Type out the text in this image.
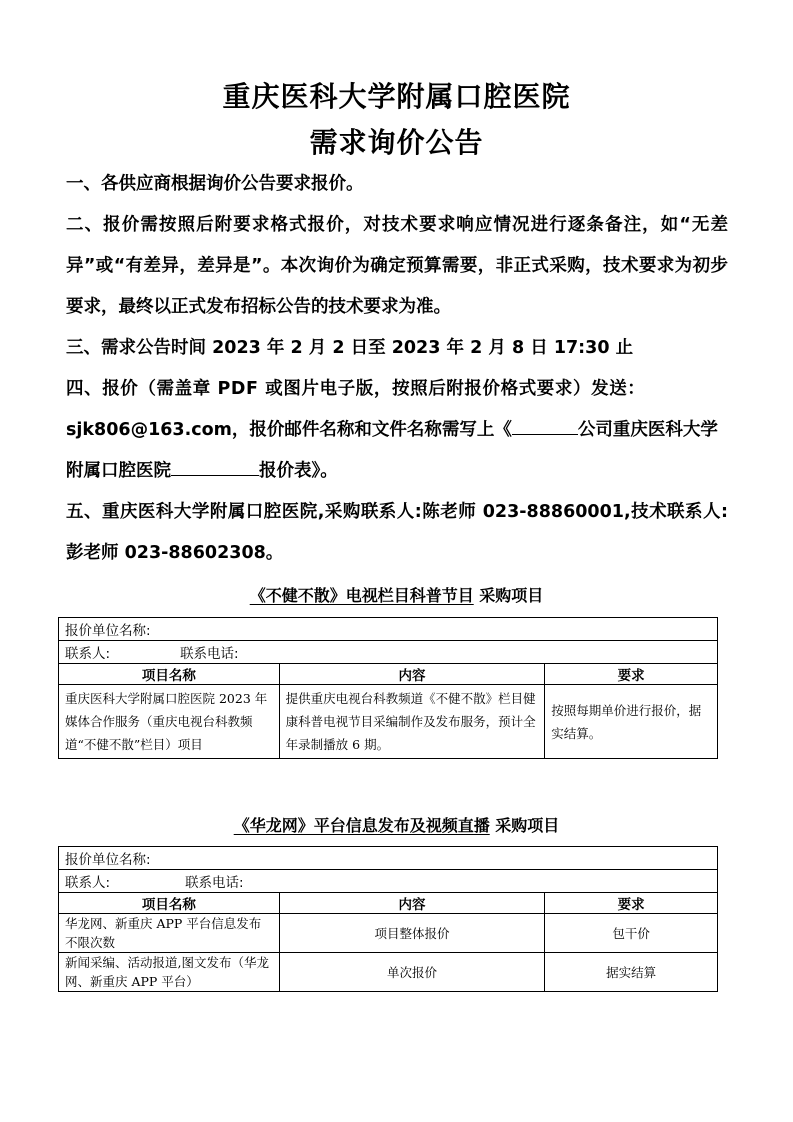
重庆医科大学附属口腔医院
需求询价公告
一、各供应商根据询价公告要求报价。
二、报价需按照后附要求格式报价，对技术要求响应情况进行逐条备注，如“无差异”或“有差异，差异是”。本次询价为确定预算需要，非正式采购，技术要求为初步要求，最终以正式发布招标公告的技术要求为准。
三、需求公告时间 2023 年 2 月 2 日至 2023 年 2 月 8 日 17:30 止
四、报价（需盖章 PDF 或图片电子版，按照后附报价格式要求）发送：
sjk806@163.com，报价邮件名称和文件名称需写上《	公司重庆医科大学
附属口腔医院	报价表》。
五、重庆医科大学附属口腔医院,采购联系人:陈老师 023-88860001,技术联系人:彭老师 023-88602308。
《不健不散》电视栏目科普节目 采购项目
报价单位名称:		
联系人: 联系电话:		
项目名称	内容	要求
重庆医科大学附属口腔医院 2023 年媒体合作服务（重庆电视台科教频道“不健不散”栏目）项目	提供重庆电视台科教频道《不健不散》栏目健康科普电视节目采编制作及发布服务，预计全年录制播放 6 期。	按照每期单价进行报价，据实结算。
《华龙网》平台信息发布及视频直播 采购项目
报价单位名称:		
联系人: 联系电话:		
项目名称	内容	要求
华龙网、新重庆 APP 平台信息发布不限次数	项目整体报价	包干价
新闻采编、活动报道,图文发布（华龙网、新重庆 APP 平台）	单次报价	据实结算
